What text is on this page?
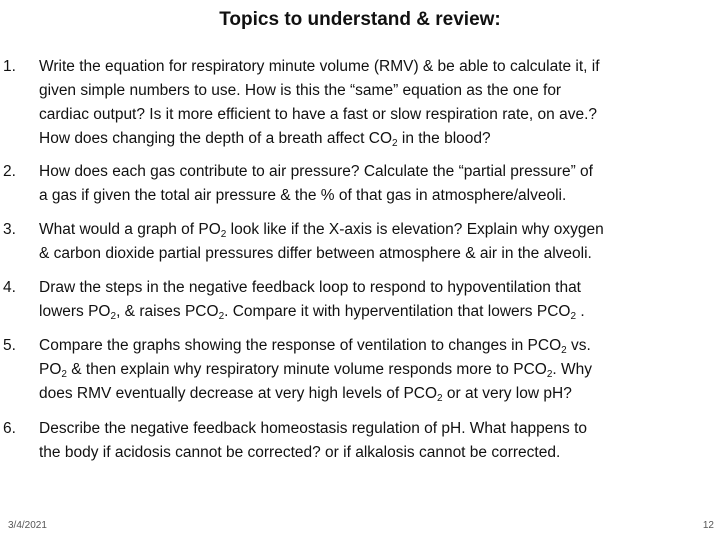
Topics to understand & review:
1. Write the equation for respiratory minute volume (RMV) & be able to calculate it, if
given simple numbers to use. How is this the “same” equation as the one for
cardiac output? Is it more efficient to have a fast or slow respiration rate, on ave.?
How does changing the depth of a breath affect $CO_2$ in the blood?
2. How does each gas contribute to air pressure? Calculate the “partial pressure” of
a gas if given the total air pressure & the % of that gas in atmosphere/alveoli.
3. What would a graph of $PO_2$ look like if the X-axis is elevation? Explain why oxygen
& carbon dioxide partial pressures differ between atmosphere & air in the alveoli.
4. Draw the steps in the negative feedback loop to respond to hypoventilation that
lowers $PO_2$, & raises $PCO_2$. Compare it with hyperventilation that lowers $PCO_2$ .
5. Compare the graphs showing the response of ventilation to changes in $PCO_2$ vs.
$PO_2$ & then explain why respiratory minute volume responds more to $PCO_2$. Why
does RMV eventually decrease at very high levels of $PCO_2$ or at very low pH?
6. Describe the negative feedback homeostasis regulation of pH. What happens to
the body if acidosis cannot be corrected? or if alkalosis cannot be corrected.
3/4/2021	12
